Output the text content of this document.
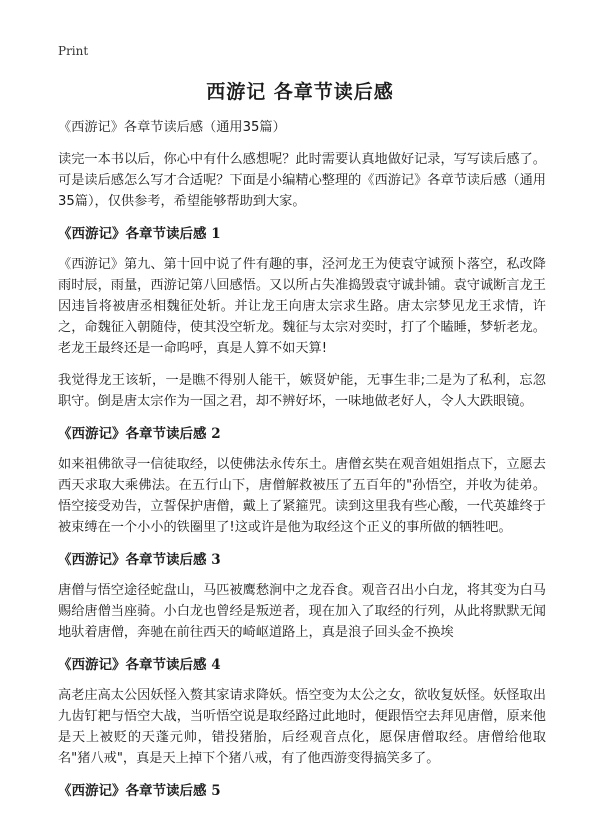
Print
西游记 各章节读后感

《西游记》各章节读后感（通用35篇）

读完一本书以后，你心中有什么感想呢？此时需要认真地做好记录，写写读后感了。可是读后感怎么写才合适呢？下面是小编精心整理的《西游记》各章节读后感（通用35篇），仅供参考，希望能够帮助到大家。

《西游记》各章节读后感 1

《西游记》第九、第十回中说了件有趣的事，泾河龙王为使袁守诚预卜落空，私改降雨时辰，雨量，西游记第八回感悟。又以所占失准捣毁袁守诚卦铺。袁守诚断言龙王因违旨将被唐丞相魏征处斩。并让龙王向唐太宗求生路。唐太宗梦见龙王求情，许之，命魏征入朝随侍，使其没空斩龙。魏征与太宗对奕时，打了个瞌睡，梦斩老龙。老龙王最终还是一命呜呼，真是人算不如天算!

我觉得龙王该斩，一是瞧不得别人能干，嫉贤妒能，无事生非;二是为了私利，忘忽职守。倒是唐太宗作为一国之君，却不辨好坏，一味地做老好人，令人大跌眼镜。

《西游记》各章节读后感 2

如来祖佛欲寻一信徒取经，以使佛法永传东土。唐僧玄奘在观音姐姐指点下，立愿去西天求取大乘佛法。在五行山下，唐僧解救被压了五百年的"孙悟空，并收为徒弟。悟空接受劝告，立誓保护唐僧，戴上了紧箍咒。读到这里我有些心酸，一代英雄终于被束缚在一个小小的铁圈里了!这或许是他为取经这个正义的事所做的牺牲吧。

《西游记》各章节读后感 3

唐僧与悟空途径蛇盘山，马匹被鹰愁涧中之龙吞食。观音召出小白龙，将其变为白马赐给唐僧当座骑。小白龙也曾经是叛逆者，现在加入了取经的行列，从此将默默无闻地驮着唐僧，奔驰在前往西天的崎岖道路上，真是浪子回头金不换埃

《西游记》各章节读后感 4

高老庄高太公因妖怪入赘其家请求降妖。悟空变为太公之女，欲收复妖怪。妖怪取出九齿钉耙与悟空大战，当听悟空说是取经路过此地时，便跟悟空去拜见唐僧，原来他是天上被贬的天蓬元帅，错投猪胎，后经观音点化，愿保唐僧取经。唐僧给他取名"猪八戒"，真是天上掉下个猪八戒，有了他西游变得搞笑多了。

《西游记》各章节读后感 5
